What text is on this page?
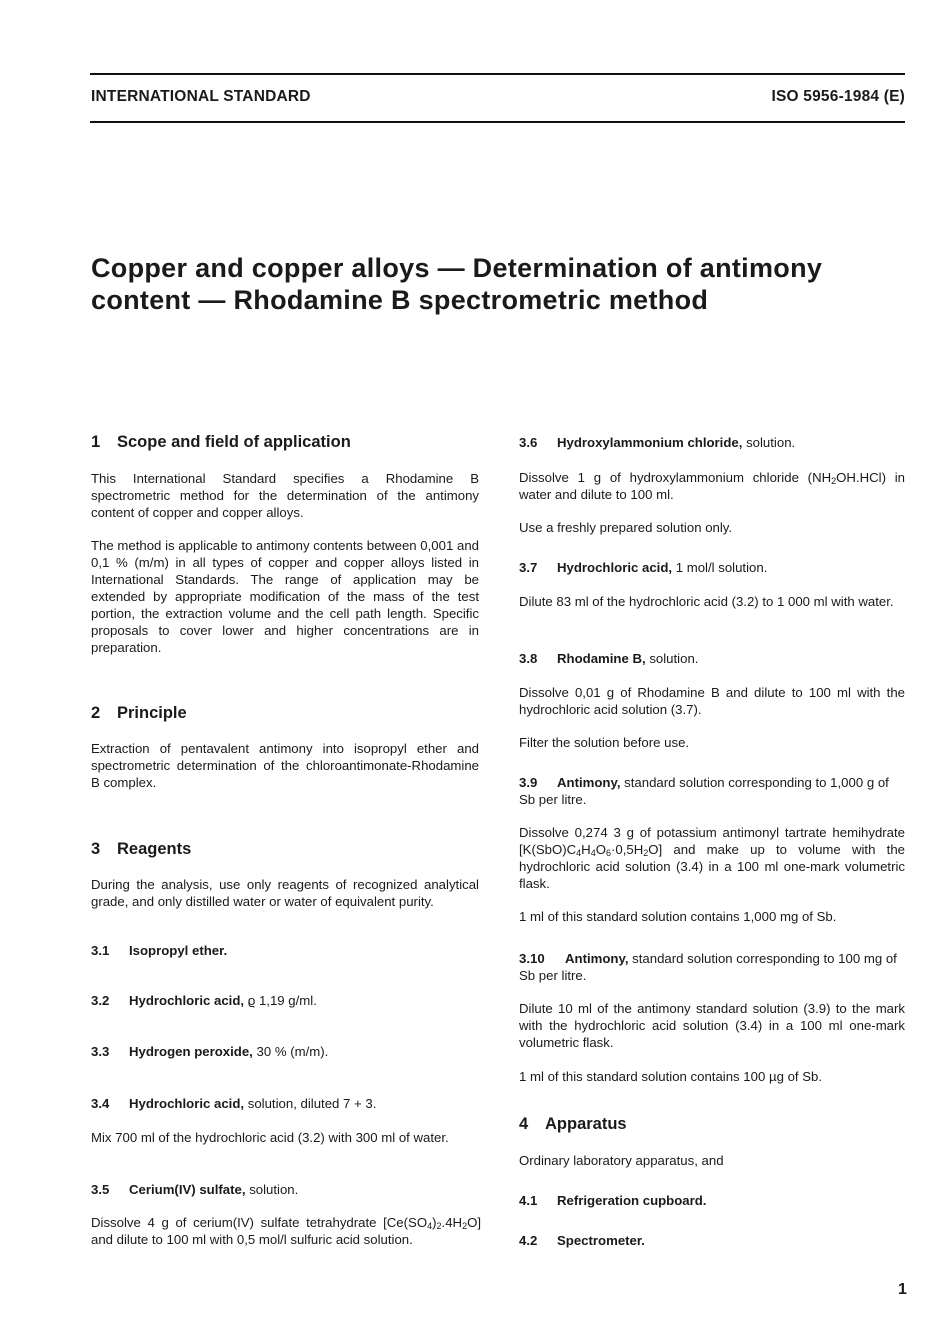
INTERNATIONAL STANDARD	ISO 5956-1984 (E)
Copper and copper alloys — Determination of antimony
content — Rhodamine B spectrometric method
1 Scope and field of application
This International Standard specifies a Rhodamine B spectrometric method for the determination of the antimony content of copper and copper alloys.
The method is applicable to antimony contents between 0,001 and 0,1 % (m/m) in all types of copper and copper alloys listed in International Standards. The range of application may be extended by appropriate modification of the mass of the test portion, the extraction volume and the cell path length. Specific proposals to cover lower and higher concentrations are in preparation.
2 Principle
Extraction of pentavalent antimony into isopropyl ether and spectrometric determination of the chloroantimonate-Rhodamine B complex.
3 Reagents
During the analysis, use only reagents of recognized analytical grade, and only distilled water or water of equivalent purity.
3.1 Isopropyl ether.
3.2 Hydrochloric acid, ϱ 1,19 g/ml.
3.3 Hydrogen peroxide, 30 % (m/m).
3.4 Hydrochloric acid, solution, diluted 7 + 3.
Mix 700 ml of the hydrochloric acid (3.2) with 300 ml of water.
3.5 Cerium(IV) sulfate, solution.
Dissolve 4 g of cerium(IV) sulfate tetrahydrate $[Ce(SO_4)_2.4H_2O]$ and dilute to 100 ml with 0,5 mol/l sulfuric acid solution.
3.6 Hydroxylammonium chloride, solution.
Dissolve 1 g of hydroxylammonium chloride $(NH_2OH.HCl)$ in water and dilute to 100 ml.
Use a freshly prepared solution only.
3.7 Hydrochloric acid, 1 mol/l solution.
Dilute 83 ml of the hydrochloric acid (3.2) to 1 000 ml with water.
3.8 Rhodamine B, solution.
Dissolve 0,01 g of Rhodamine B and dilute to 100 ml with the hydrochloric acid solution (3.7).
Filter the solution before use.
3.9 Antimony, standard solution corresponding to 1,000 g of Sb per litre.
Dissolve 0,274 3 g of potassium antimonyl tartrate hemihydrate $[K(SbO)C_4H_4O_6\cdot 0,5H_2O]$ and make up to volume with the hydrochloric acid solution (3.4) in a 100 ml one-mark volumetric flask.
1 ml of this standard solution contains 1,000 mg of Sb.
3.10 Antimony, standard solution corresponding to 100 mg of Sb per litre.
Dilute 10 ml of the antimony standard solution (3.9) to the mark with the hydrochloric acid solution (3.4) in a 100 ml one-mark volumetric flask.
1 ml of this standard solution contains 100 µg of Sb.
4 Apparatus
Ordinary laboratory apparatus, and
4.1 Refrigeration cupboard.
4.2 Spectrometer.
1
